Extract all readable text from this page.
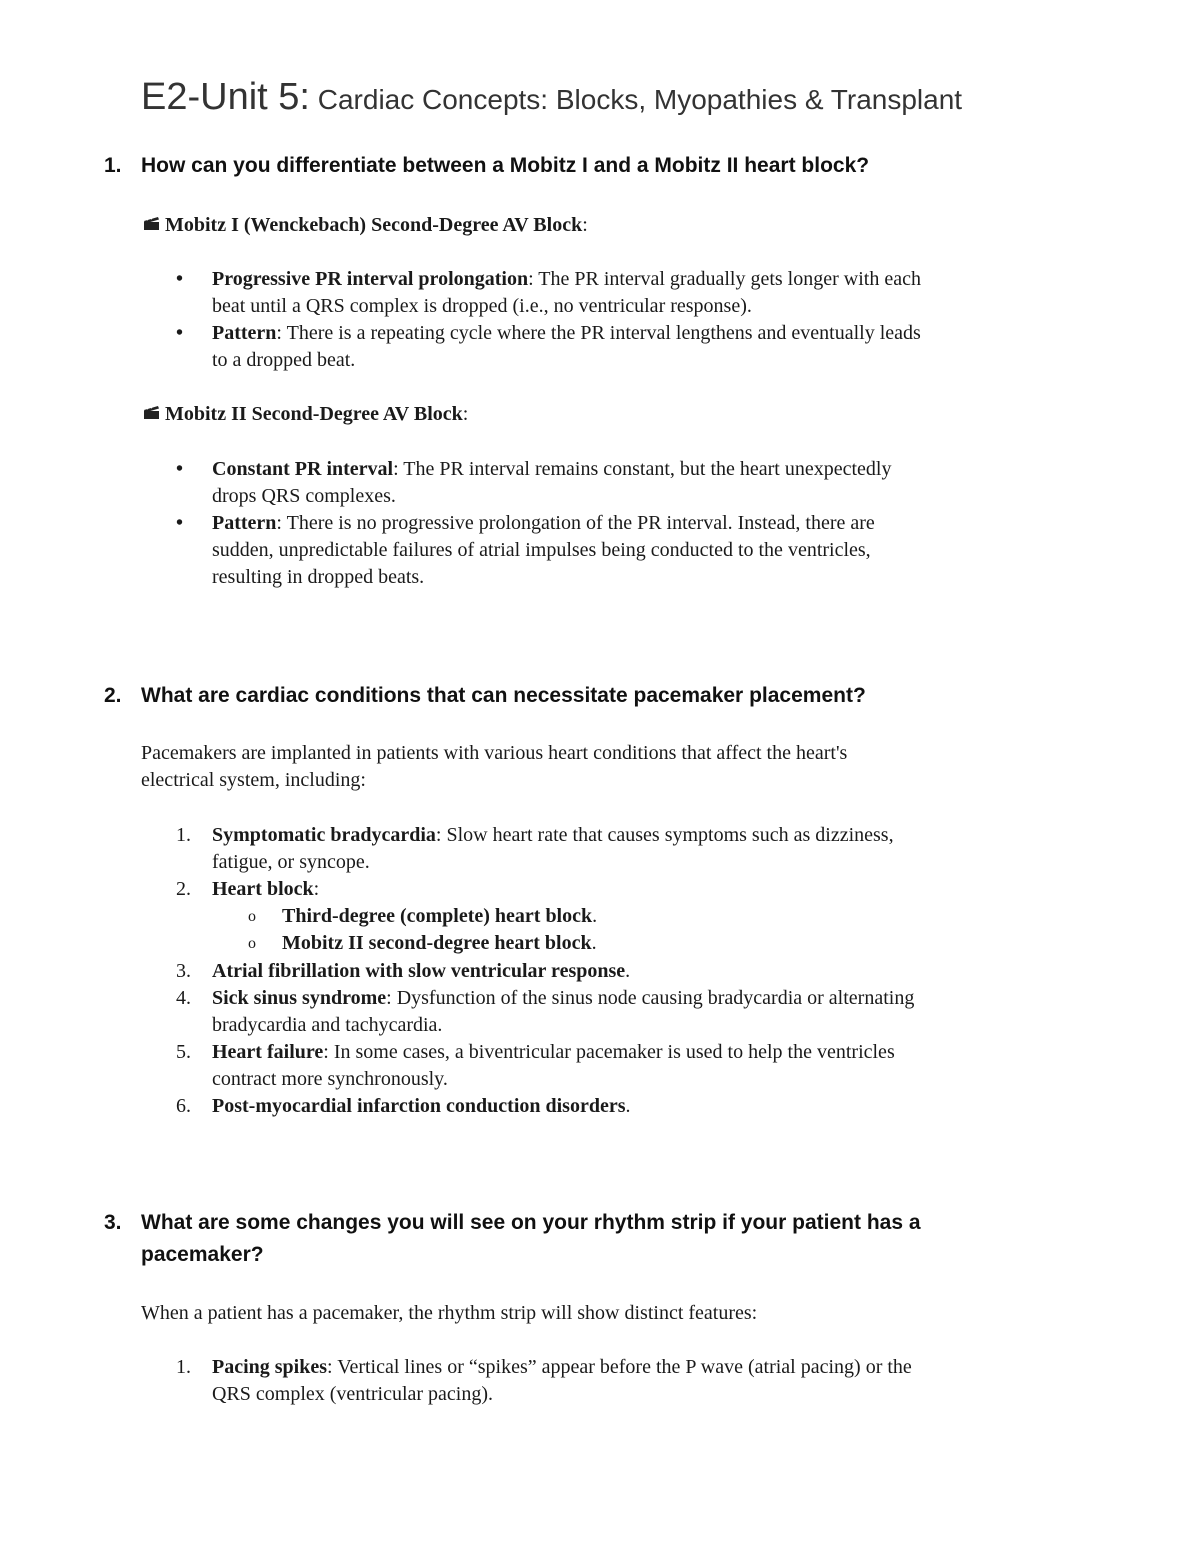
E2-Unit 5: Cardiac Concepts: Blocks, Myopathies & Transplant
1. How can you differentiate between a Mobitz I and a Mobitz II heart block?
Mobitz I (Wenckebach) Second-Degree AV Block:
• Progressive PR interval prolongation: The PR interval gradually gets longer with each
beat until a QRS complex is dropped (i.e., no ventricular response).
• Pattern: There is a repeating cycle where the PR interval lengthens and eventually leads
to a dropped beat.
Mobitz II Second-Degree AV Block:
• Constant PR interval: The PR interval remains constant, but the heart unexpectedly
drops QRS complexes.
• Pattern: There is no progressive prolongation of the PR interval. Instead, there are
sudden, unpredictable failures of atrial impulses being conducted to the ventricles,
resulting in dropped beats.
2. What are cardiac conditions that can necessitate pacemaker placement?
Pacemakers are implanted in patients with various heart conditions that affect the heart's
electrical system, including:
1. Symptomatic bradycardia: Slow heart rate that causes symptoms such as dizziness,
fatigue, or syncope.
2. Heart block:
o Third-degree (complete) heart block.
o Mobitz II second-degree heart block.
3. Atrial fibrillation with slow ventricular response.
4. Sick sinus syndrome: Dysfunction of the sinus node causing bradycardia or alternating
bradycardia and tachycardia.
5. Heart failure: In some cases, a biventricular pacemaker is used to help the ventricles
contract more synchronously.
6. Post-myocardial infarction conduction disorders.
3. What are some changes you will see on your rhythm strip if your patient has a
pacemaker?
When a patient has a pacemaker, the rhythm strip will show distinct features:
1. Pacing spikes: Vertical lines or “spikes” appear before the P wave (atrial pacing) or the
QRS complex (ventricular pacing).
